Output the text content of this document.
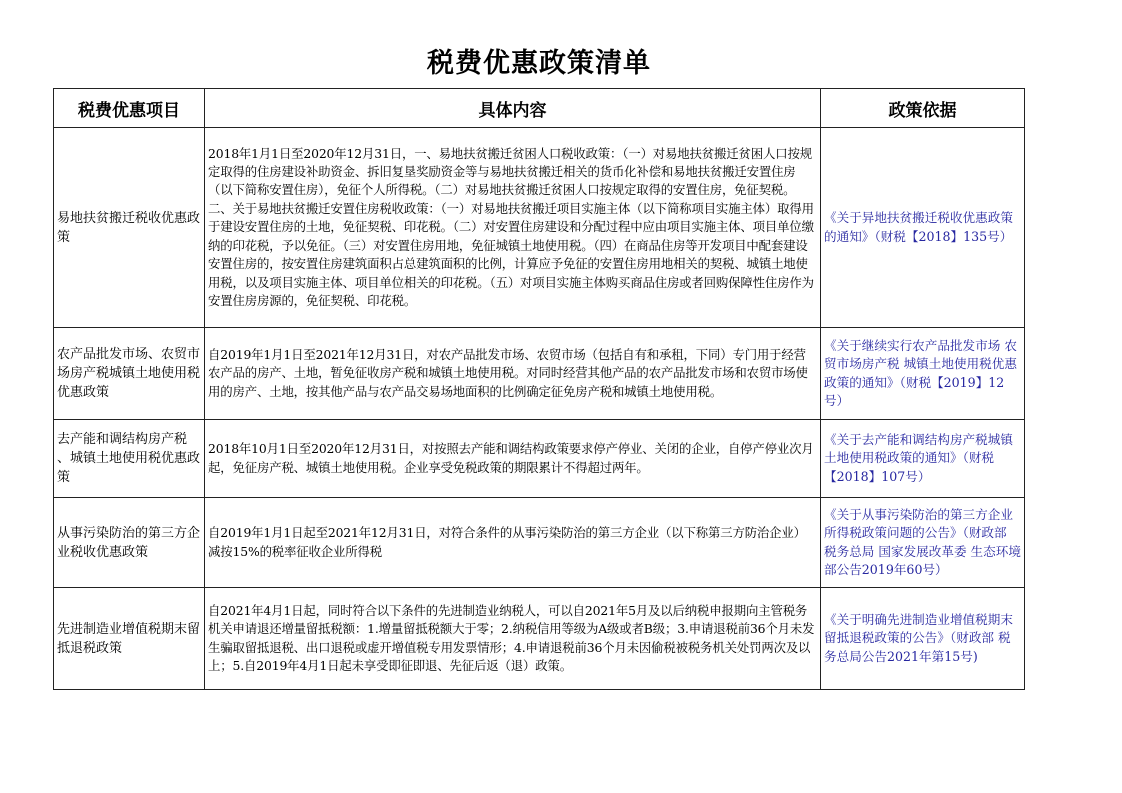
税费优惠政策清单
税费优惠项目	具体内容	政策依据
易地扶贫搬迁税收优惠政策	2018年1月1日至2020年12月31日，一、易地扶贫搬迁贫困人口税收政策：（一）对易地扶贫搬迁贫困人口按规定取得的住房建设补助资金、拆旧复垦奖励资金等与易地扶贫搬迁相关的货币化补偿和易地扶贫搬迁安置住房（以下简称安置住房），免征个人所得税。（二）对易地扶贫搬迁贫困人口按规定取得的安置住房，免征契税。二、关于易地扶贫搬迁安置住房税收政策：（一）对易地扶贫搬迁项目实施主体（以下简称项目实施主体）取得用于建设安置住房的土地，免征契税、印花税。（二）对安置住房建设和分配过程中应由项目实施主体、项目单位缴纳的印花税，予以免征。（三）对安置住房用地，免征城镇土地使用税。（四）在商品住房等开发项目中配套建设安置住房的，按安置住房建筑面积占总建筑面积的比例，计算应予免征的安置住房用地相关的契税、城镇土地使用税，以及项目实施主体、项目单位相关的印花税。（五）对项目实施主体购买商品住房或者回购保障性住房作为安置住房房源的，免征契税、印花税。	《关于异地扶贫搬迁税收优惠政策的通知》（财税【2018】135号）
农产品批发市场、农贸市场房产税城镇土地使用税优惠政策	自2019年1月1日至2021年12月31日，对农产品批发市场、农贸市场（包括自有和承租，下同）专门用于经营农产品的房产、土地，暂免征收房产税和城镇土地使用税。对同时经营其他产品的农产品批发市场和农贸市场使用的房产、土地，按其他产品与农产品交易场地面积的比例确定征免房产税和城镇土地使用税。	《关于继续实行农产品批发市场 农贸市场房产税 城镇土地使用税优惠政策的通知》（财税【2019】12号）
去产能和调结构房产税 、城镇土地使用税优惠政策	2018年10月1日至2020年12月31日，对按照去产能和调结构政策要求停产停业、关闭的企业，自停产停业次月起，免征房产税、城镇土地使用税。企业享受免税政策的期限累计不得超过两年。	《关于去产能和调结构房产税城镇土地使用税政策的通知》（财税【2018】107号）
从事污染防治的第三方企业税收优惠政策	自2019年1月1日起至2021年12月31日，对符合条件的从事污染防治的第三方企业（以下称第三方防治企业）减按15%的税率征收企业所得税	《关于从事污染防治的第三方企业所得税政策问题的公告》（财政部 税务总局 国家发展改革委 生态环境部公告2019年60号）
先进制造业增值税期末留抵退税政策	自2021年4月1日起，同时符合以下条件的先进制造业纳税人，可以自2021年5月及以后纳税申报期向主管税务机关申请退还增量留抵税额：1.增量留抵税额大于零；2.纳税信用等级为A级或者B级；3.申请退税前36个月未发生骗取留抵退税、出口退税或虚开增值税专用发票情形；4.申请退税前36个月未因偷税被税务机关处罚两次及以上；5.自2019年4月1日起未享受即征即退、先征后返（退）政策。	《关于明确先进制造业增值税期末留抵退税政策的公告》（财政部 税务总局公告2021年第15号)
